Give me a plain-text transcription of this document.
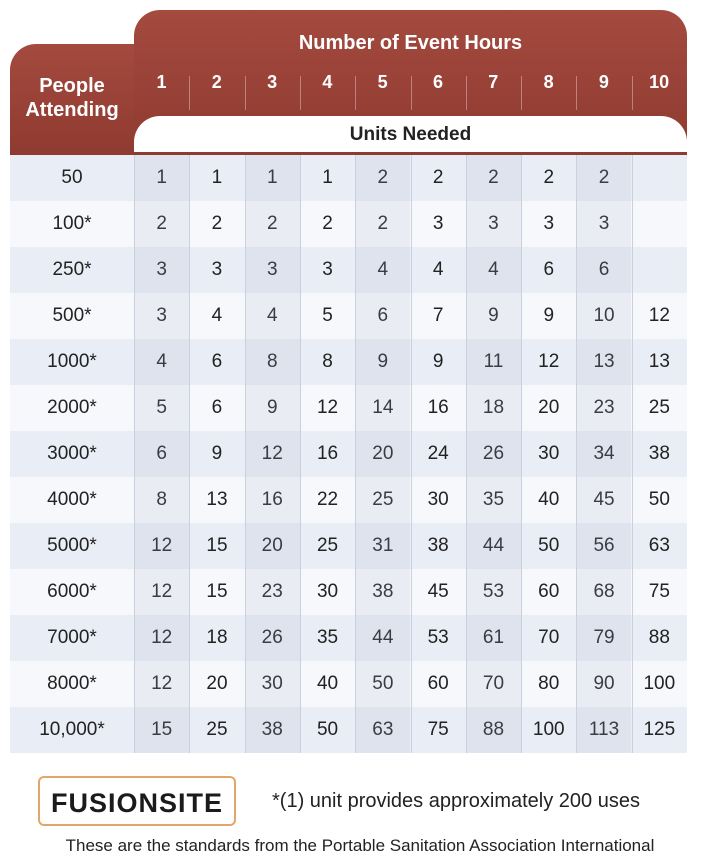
People
Attending
Number of Event Hours
1	2	3	4	5	6	7	8	9	10
Units Needed
50	1	1	1	1	2	2	2	2	2
100*	2	2	2	2	2	3	3	3	3
250*	3	3	3	3	4	4	4	6	6
500*	3	4	4	5	6	7	9	9	10	12
1000*	4	6	8	8	9	9	11	12	13	13
2000*	5	6	9	12	14	16	18	20	23	25
3000*	6	9	12	16	20	24	26	30	34	38
4000*	8	13	16	22	25	30	35	40	45	50
5000*	12	15	20	25	31	38	44	50	56	63
6000*	12	15	23	30	38	45	53	60	68	75
7000*	12	18	26	35	44	53	61	70	79	88
8000*	12	20	30	40	50	60	70	80	90	100
10,000*	15	25	38	50	63	75	88	100	113	125
FUSIONSITE	*(1) unit provides approximately 200 uses
These are the standards from the Portable Sanitation Association International
